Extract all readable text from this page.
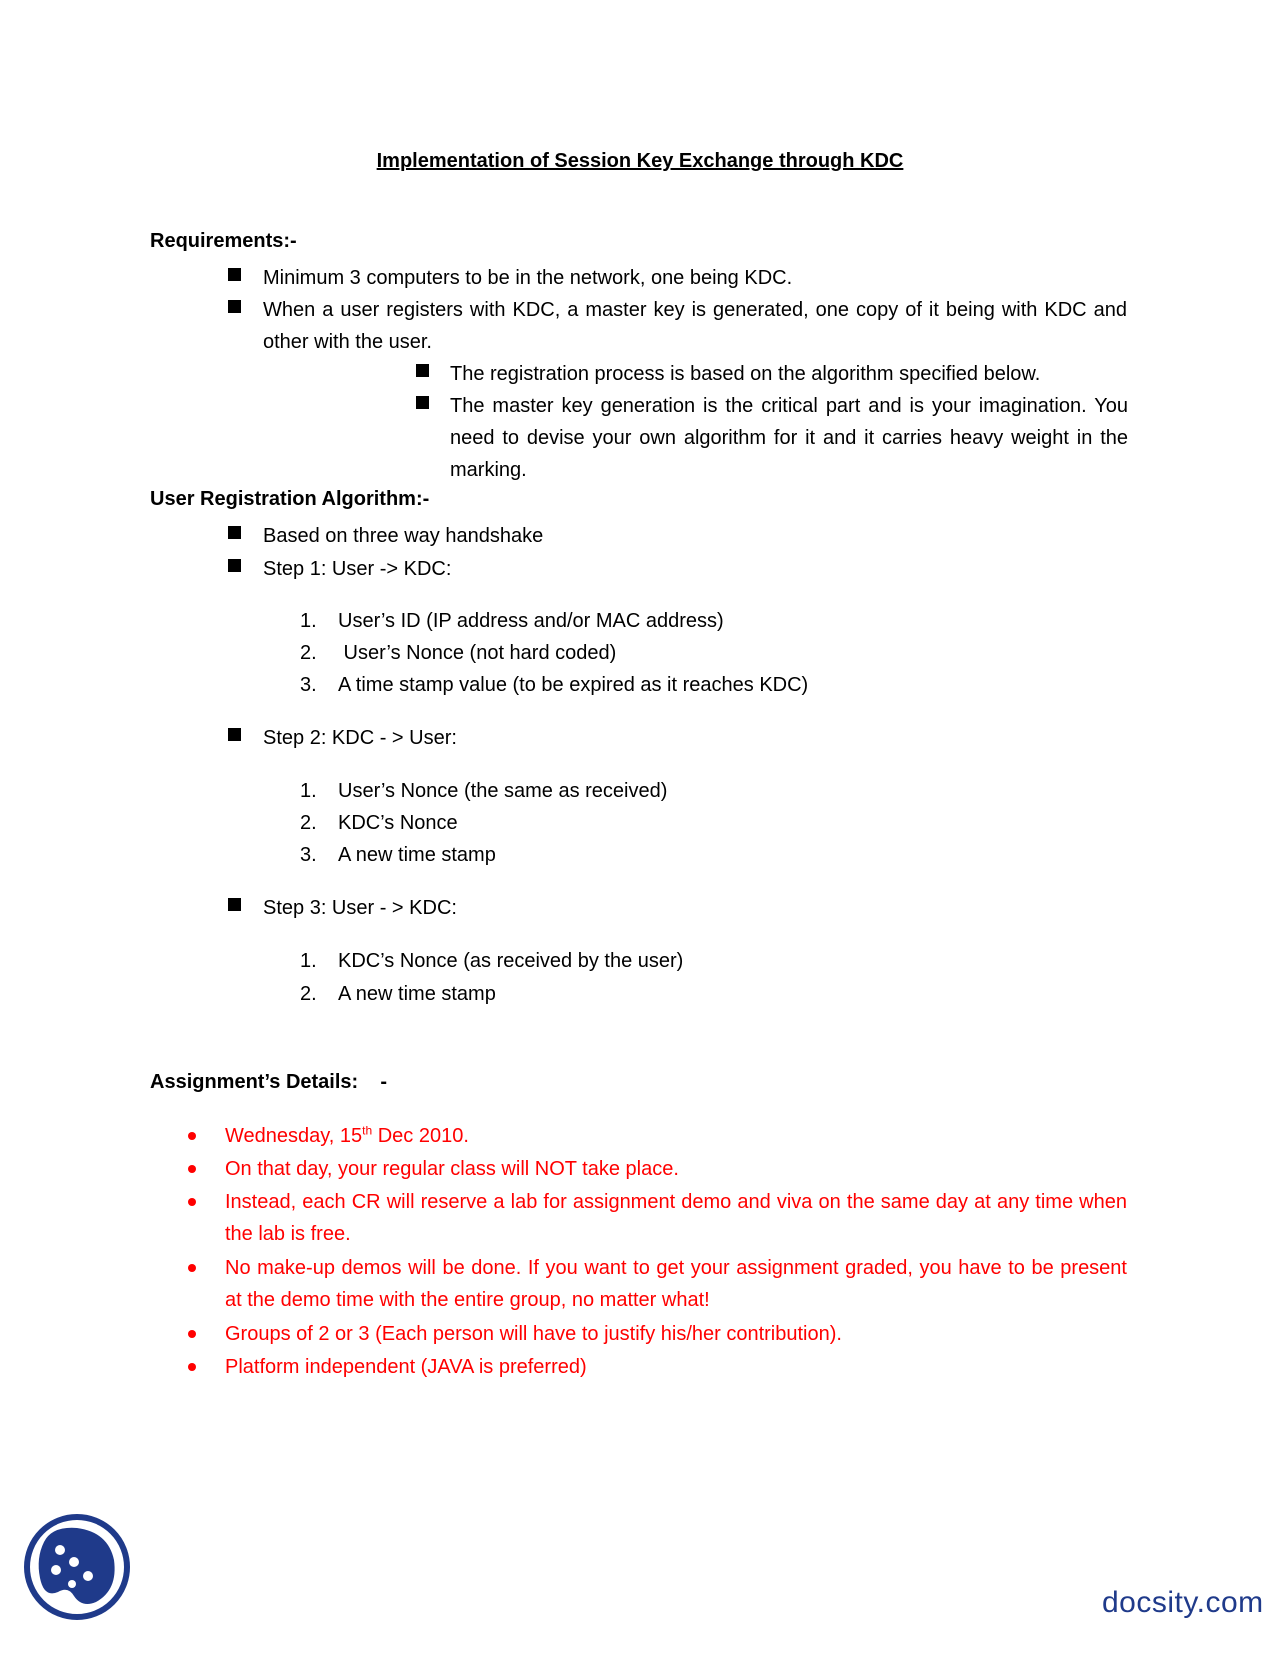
Implementation of Session Key Exchange through KDC
Requirements:-
Minimum 3 computers to be in the network, one being KDC.
When a user registers with KDC, a master key is generated, one copy of it being with KDC and other with the user.
The registration process is based on the algorithm specified below.
The master key generation is the critical part and is your imagination. You need to devise your own algorithm for it and it carries heavy weight in the marking.
User Registration Algorithm:-
Based on three way handshake
Step 1: User -> KDC:
1. User’s ID (IP address and/or MAC address)
2. User’s Nonce (not hard coded)
3. A time stamp value (to be expired as it reaches KDC)
Step 2: KDC - > User:
1. User’s Nonce (the same as received)
2. KDC’s Nonce
3. A new time stamp
Step 3: User - > KDC:
1. KDC’s Nonce (as received by the user)
2. A new time stamp
Assignment’s Details:    -
Wednesday, 15th Dec 2010.
On that day, your regular class will NOT take place.
Instead, each CR will reserve a lab for assignment demo and viva on the same day at any time when the lab is free.
No make-up demos will be done. If you want to get your assignment graded, you have to be present at the demo time with the entire group, no matter what!
Groups of 2 or 3 (Each person will have to justify his/her contribution).
Platform independent (JAVA is preferred)
docsity.com
